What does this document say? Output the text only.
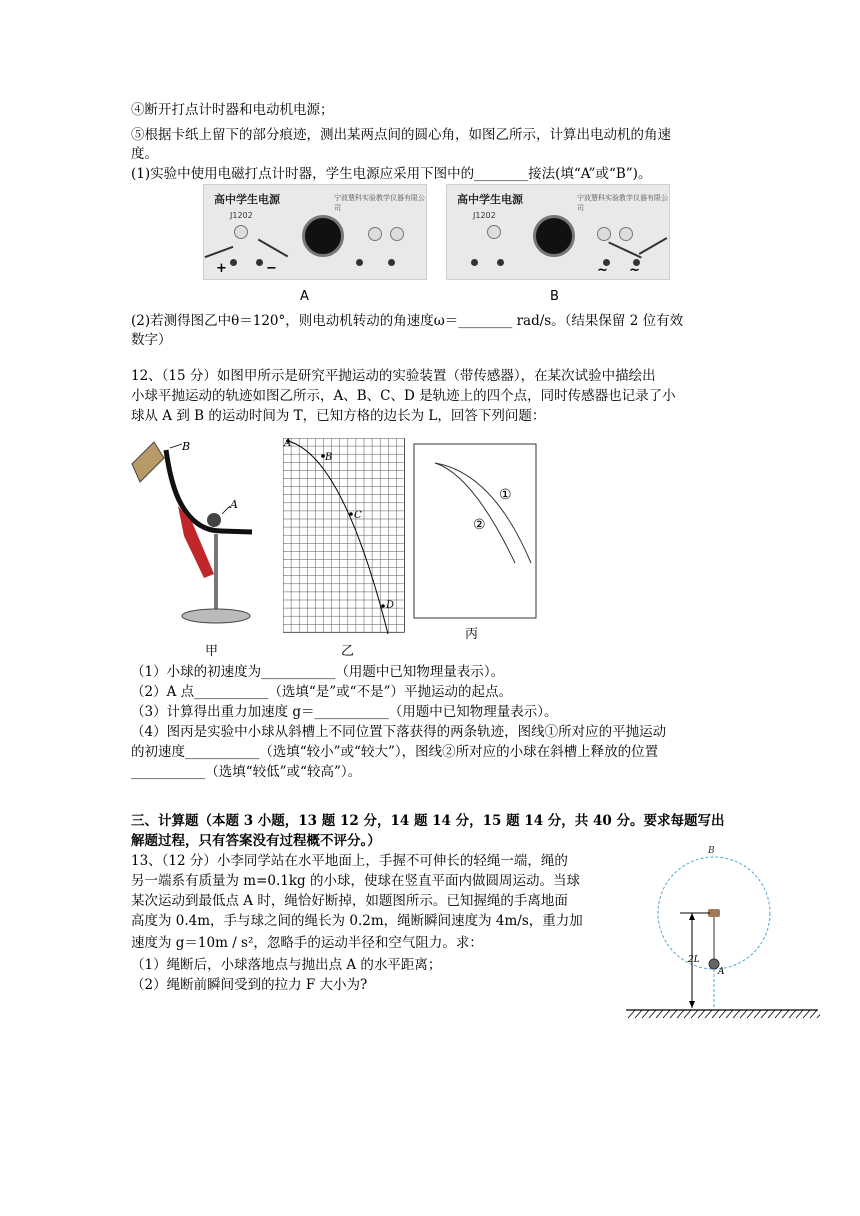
④断开打点计时器和电动机电源；
⑤根据卡纸上留下的部分痕迹，测出某两点间的圆心角，如图乙所示，计算出电动机的角速
度。
(1)实验中使用电磁打点计时器，学生电源应采用下图中的________接法(填“A”或“B”)。
高中学生电源	宁波慧科实验教学仪器有限公司
J1202
+	−
高中学生电源	宁波慧科实验教学仪器有限公司
J1202
~ ~
A	B
(2)若测得图乙中θ＝120°，则电动机转动的角速度ω＝________ rad/s。（结果保留 2 位有效
数字）
12、（15 分）如图甲所示是研究平抛运动的实验装置（带传感器），在某次试验中描绘出
小球平抛运动的轨迹如图乙所示，A、B、C、D 是轨迹上的四个点，同时传感器也记录了小
球从 A 到 B 的运动时间为 T，已知方格的边长为 L，回答下列问题：
B
A
甲
A
B
C
D
乙
①
②
丙
（1）小球的初速度为___________（用题中已知物理量表示）。
（2）A 点___________（选填“是”或“不是”）平抛运动的起点。
（3）计算得出重力加速度 g＝___________（用题中已知物理量表示）。
（4）图丙是实验中小球从斜槽上不同位置下落获得的两条轨迹，图线①所对应的平抛运动
的初速度___________（选填“较小”或“较大”），图线②所对应的小球在斜槽上释放的位置
___________（选填“较低”或“较高”）。
三、计算题（本题 3 小题，13 题 12 分，14 题 14 分，15 题 14 分，共 40 分。要求每题写出
解题过程，只有答案没有过程概不评分。）
13、（12 分）小李同学站在水平地面上，手握不可伸长的轻绳一端，绳的
另一端系有质量为 m=0.1kg 的小球，使球在竖直平面内做圆周运动。当球
某次运动到最低点 A 时，绳恰好断掉，如题图所示。已知握绳的手离地面
高度为 0.4m，手与球之间的绳长为 0.2m，绳断瞬间速度为 4m/s，重力加
速度为 g＝10m / s²，忽略手的运动半径和空气阻力。求：
（1）绳断后，小球落地点与抛出点 A 的水平距离；
（2）绳断前瞬间受到的拉力 F 大小为?
B
A
2L
